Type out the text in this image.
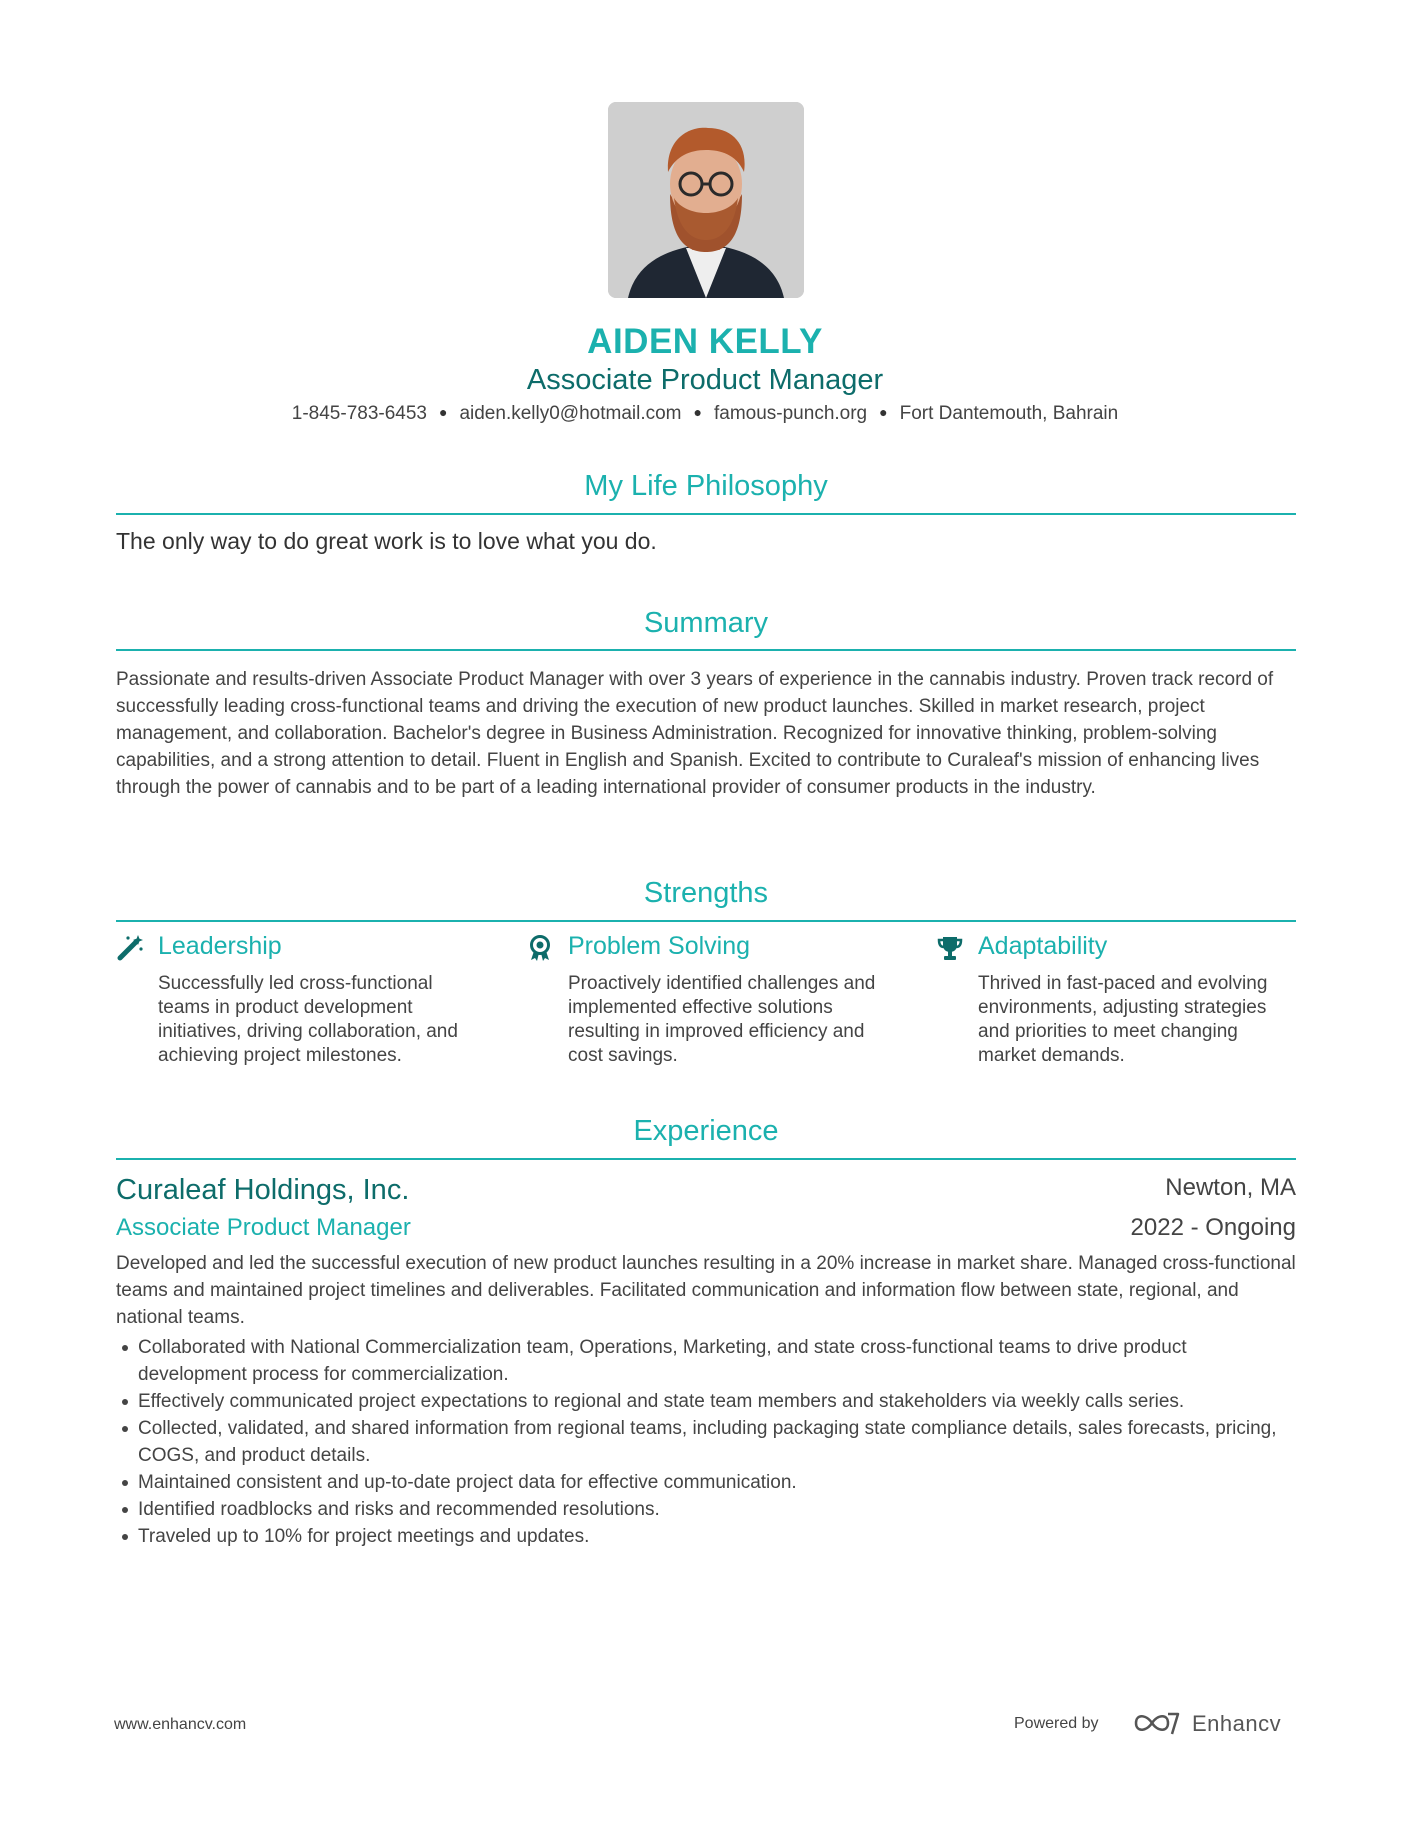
AIDEN KELLY
Associate Product Manager
1-845-783-6453 ● aiden.kelly0@hotmail.com ● famous-punch.org ● Fort Dantemouth, Bahrain
My Life Philosophy
The only way to do great work is to love what you do.
Summary
Passionate and results-driven Associate Product Manager with over 3 years of experience in the cannabis industry. Proven track record of successfully leading cross-functional teams and driving the execution of new product launches. Skilled in market research, project management, and collaboration. Bachelor's degree in Business Administration. Recognized for innovative thinking, problem-solving capabilities, and a strong attention to detail. Fluent in English and Spanish. Excited to contribute to Curaleaf's mission of enhancing lives through the power of cannabis and to be part of a leading international provider of consumer products in the industry.
Strengths
Leadership
Successfully led cross-functional teams in product development initiatives, driving collaboration, and achieving project milestones.
Problem Solving
Proactively identified challenges and implemented effective solutions resulting in improved efficiency and cost savings.
Adaptability
Thrived in fast-paced and evolving environments, adjusting strategies and priorities to meet changing market demands.
Experience
Curaleaf Holdings, Inc.	Newton, MA
Associate Product Manager	2022 - Ongoing
Developed and led the successful execution of new product launches resulting in a 20% increase in market share. Managed cross-functional teams and maintained project timelines and deliverables. Facilitated communication and information flow between state, regional, and national teams.
Collaborated with National Commercialization team, Operations, Marketing, and state cross-functional teams to drive product development process for commercialization.
Effectively communicated project expectations to regional and state team members and stakeholders via weekly calls series.
Collected, validated, and shared information from regional teams, including packaging state compliance details, sales forecasts, pricing, COGS, and product details.
Maintained consistent and up-to-date project data for effective communication.
Identified roadblocks and risks and recommended resolutions.
Traveled up to 10% for project meetings and updates.
www.enhancv.com	Powered by	Enhancv
